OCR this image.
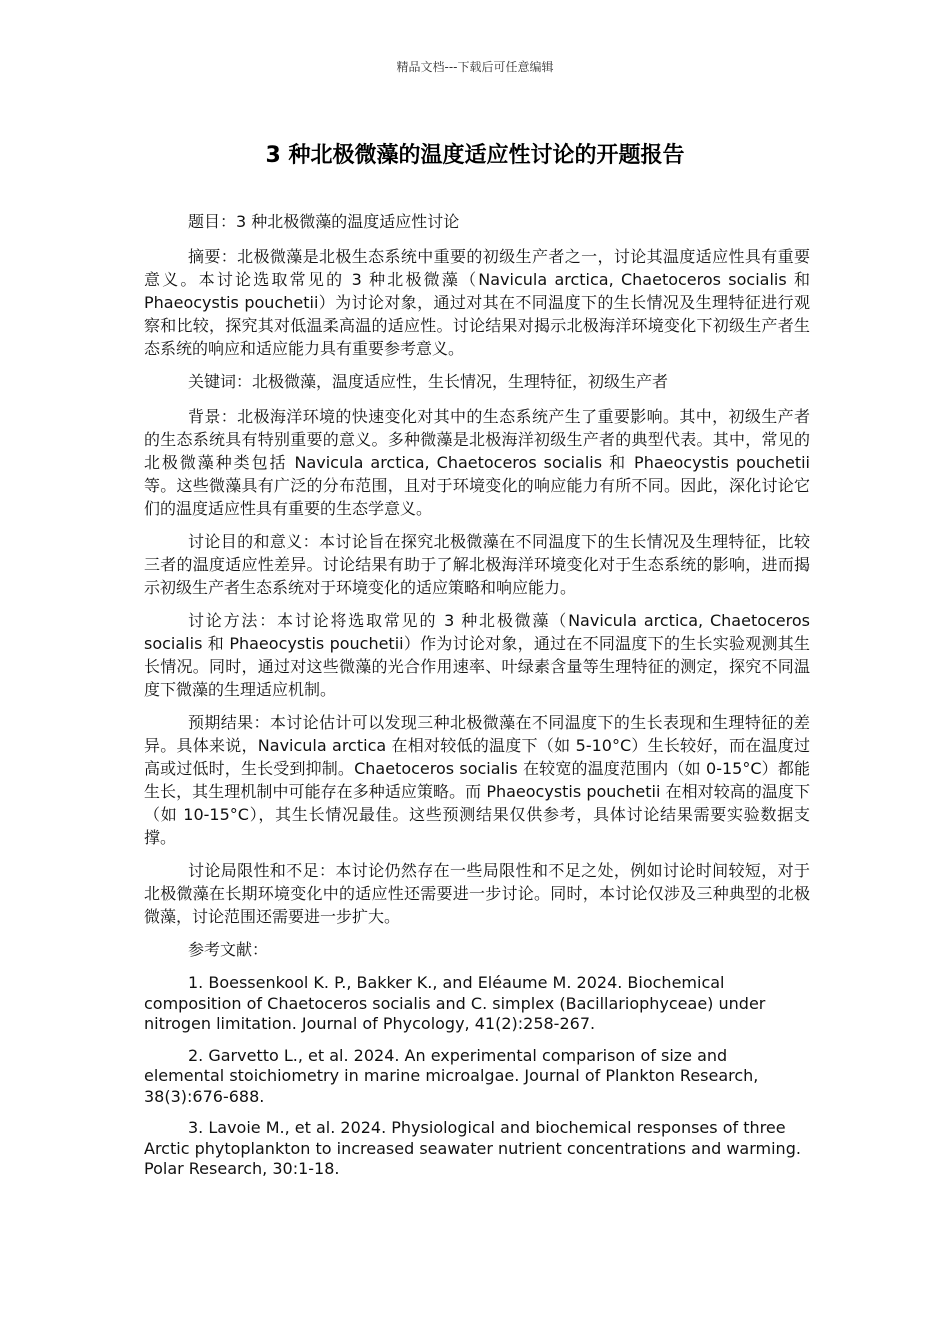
精品文档---下载后可任意编辑
3 种北极微藻的温度适应性讨论的开题报告

题目：3 种北极微藻的温度适应性讨论

摘要：北极微藻是北极生态系统中重要的初级生产者之一，讨论其温度适应性具有重要意义。本讨论选取常见的 3 种北极微藻（Navicula arctica, Chaetoceros socialis 和 Phaeocystis pouchetii）为讨论对象，通过对其在不同温度下的生长情况及生理特征进行观察和比较，探究其对低温柔高温的适应性。讨论结果对揭示北极海洋环境变化下初级生产者生态系统的响应和适应能力具有重要参考意义。

关键词：北极微藻，温度适应性，生长情况，生理特征，初级生产者

背景：北极海洋环境的快速变化对其中的生态系统产生了重要影响。其中，初级生产者的生态系统具有特别重要的意义。多种微藻是北极海洋初级生产者的典型代表。其中，常见的北极微藻种类包括 Navicula arctica, Chaetoceros socialis 和 Phaeocystis pouchetii 等。这些微藻具有广泛的分布范围，且对于环境变化的响应能力有所不同。因此，深化讨论它们的温度适应性具有重要的生态学意义。

讨论目的和意义：本讨论旨在探究北极微藻在不同温度下的生长情况及生理特征，比较三者的温度适应性差异。讨论结果有助于了解北极海洋环境变化对于生态系统的影响，进而揭示初级生产者生态系统对于环境变化的适应策略和响应能力。

讨论方法：本讨论将选取常见的 3 种北极微藻（Navicula arctica, Chaetoceros socialis 和 Phaeocystis pouchetii）作为讨论对象，通过在不同温度下的生长实验观测其生长情况。同时，通过对这些微藻的光合作用速率、叶绿素含量等生理特征的测定，探究不同温度下微藻的生理适应机制。

预期结果：本讨论估计可以发现三种北极微藻在不同温度下的生长表现和生理特征的差异。具体来说，Navicula arctica 在相对较低的温度下（如 5-10°C）生长较好，而在温度过高或过低时，生长受到抑制。Chaetoceros socialis 在较宽的温度范围内（如 0-15°C）都能生长，其生理机制中可能存在多种适应策略。而 Phaeocystis pouchetii 在相对较高的温度下（如 10-15°C），其生长情况最佳。这些预测结果仅供参考，具体讨论结果需要实验数据支撑。

讨论局限性和不足：本讨论仍然存在一些局限性和不足之处，例如讨论时间较短，对于北极微藻在长期环境变化中的适应性还需要进一步讨论。同时，本讨论仅涉及三种典型的北极微藻，讨论范围还需要进一步扩大。

参考文献：

1. Boessenkool K. P., Bakker K., and Eléaume M. 2024. Biochemical composition of Chaetoceros socialis and C. simplex (Bacillariophyceae) under nitrogen limitation. Journal of Phycology, 41(2):258-267.

2. Garvetto L., et al. 2024. An experimental comparison of size and elemental stoichiometry in marine microalgae. Journal of Plankton Research, 38(3):676-688.

3. Lavoie M., et al. 2024. Physiological and biochemical responses of three Arctic phytoplankton to increased seawater nutrient concentrations and warming. Polar Research, 30:1-18.
